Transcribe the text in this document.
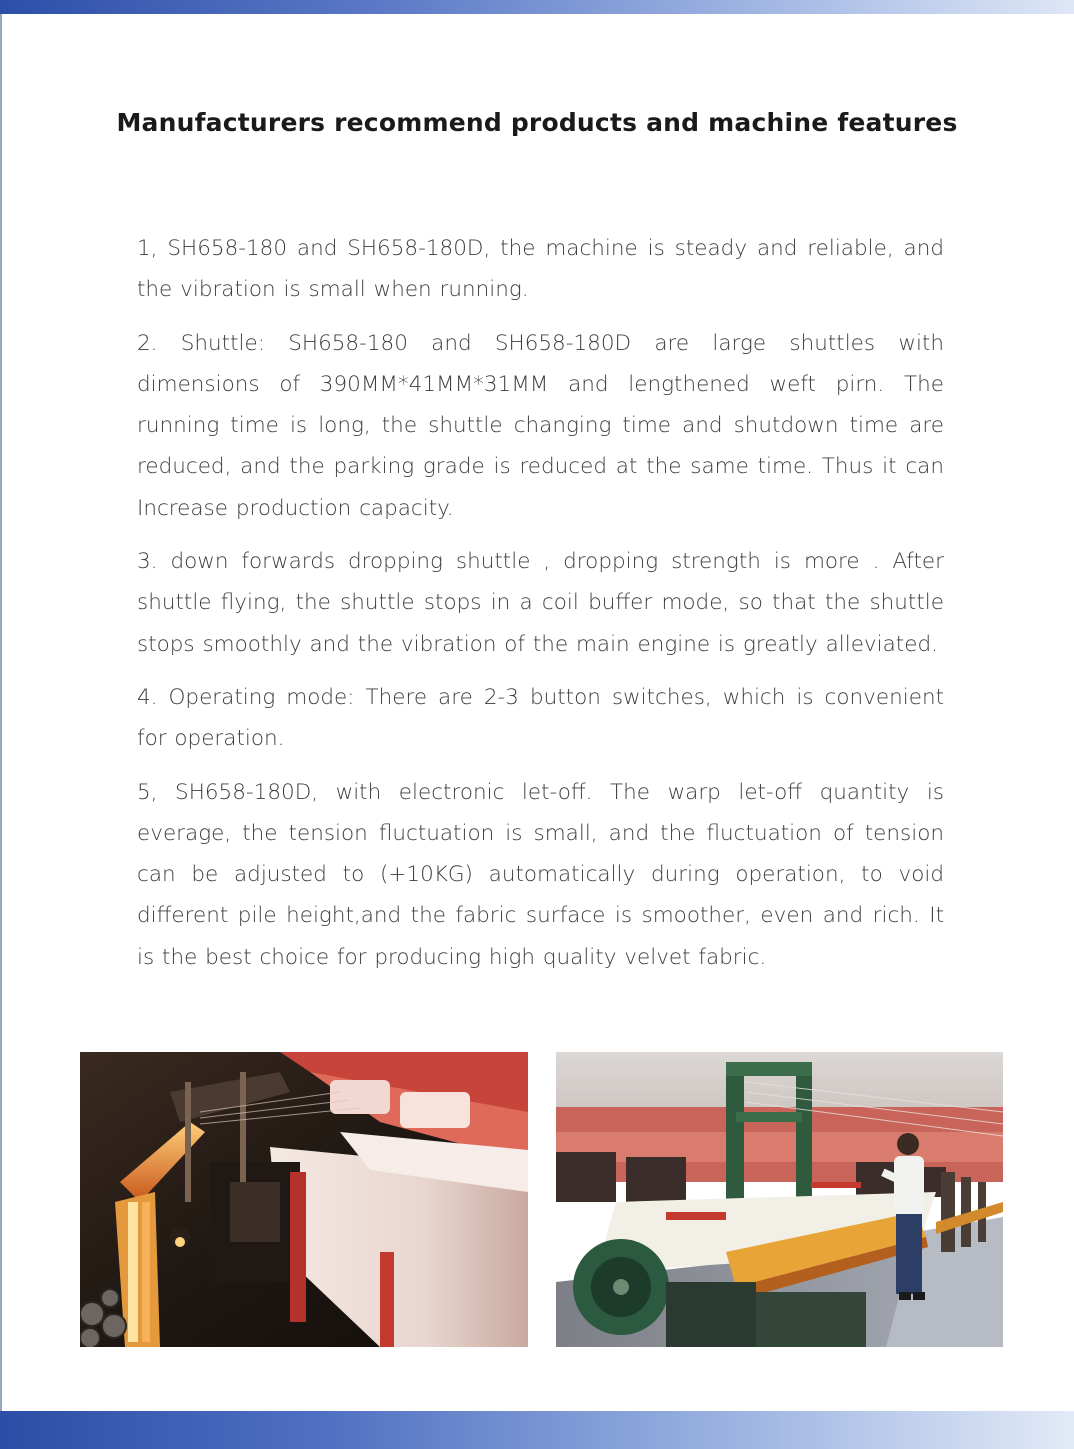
Manufacturers recommend products and machine features

1, SH658-180 and SH658-180D, the machine is steady and reliable, and the vibration is small when running.

2. Shuttle: SH658-180 and SH658-180D are large shuttles with dimensions of 390MM*41MM*31MM and lengthened weft pirn. The running time is long, the shuttle changing time and shutdown time are reduced, and the parking grade is reduced at the same time. Thus it can Increase production capacity.

3. down forwards dropping shuttle , dropping strength is more . After shuttle flying, the shuttle stops in a coil buffer mode, so that the shuttle stops smoothly and the vibration of the main engine is greatly alleviated.

4. Operating mode: There are 2-3 button switches, which is convenient for operation.

5, SH658-180D, with electronic let-off. The warp let-off quantity is everage, the tension fluctuation is small, and the fluctuation of tension can be adjusted to (+10KG) automatically during operation, to void different pile height,and the fabric surface is smoother, even and rich. It is the best choice for producing high quality velvet fabric.
